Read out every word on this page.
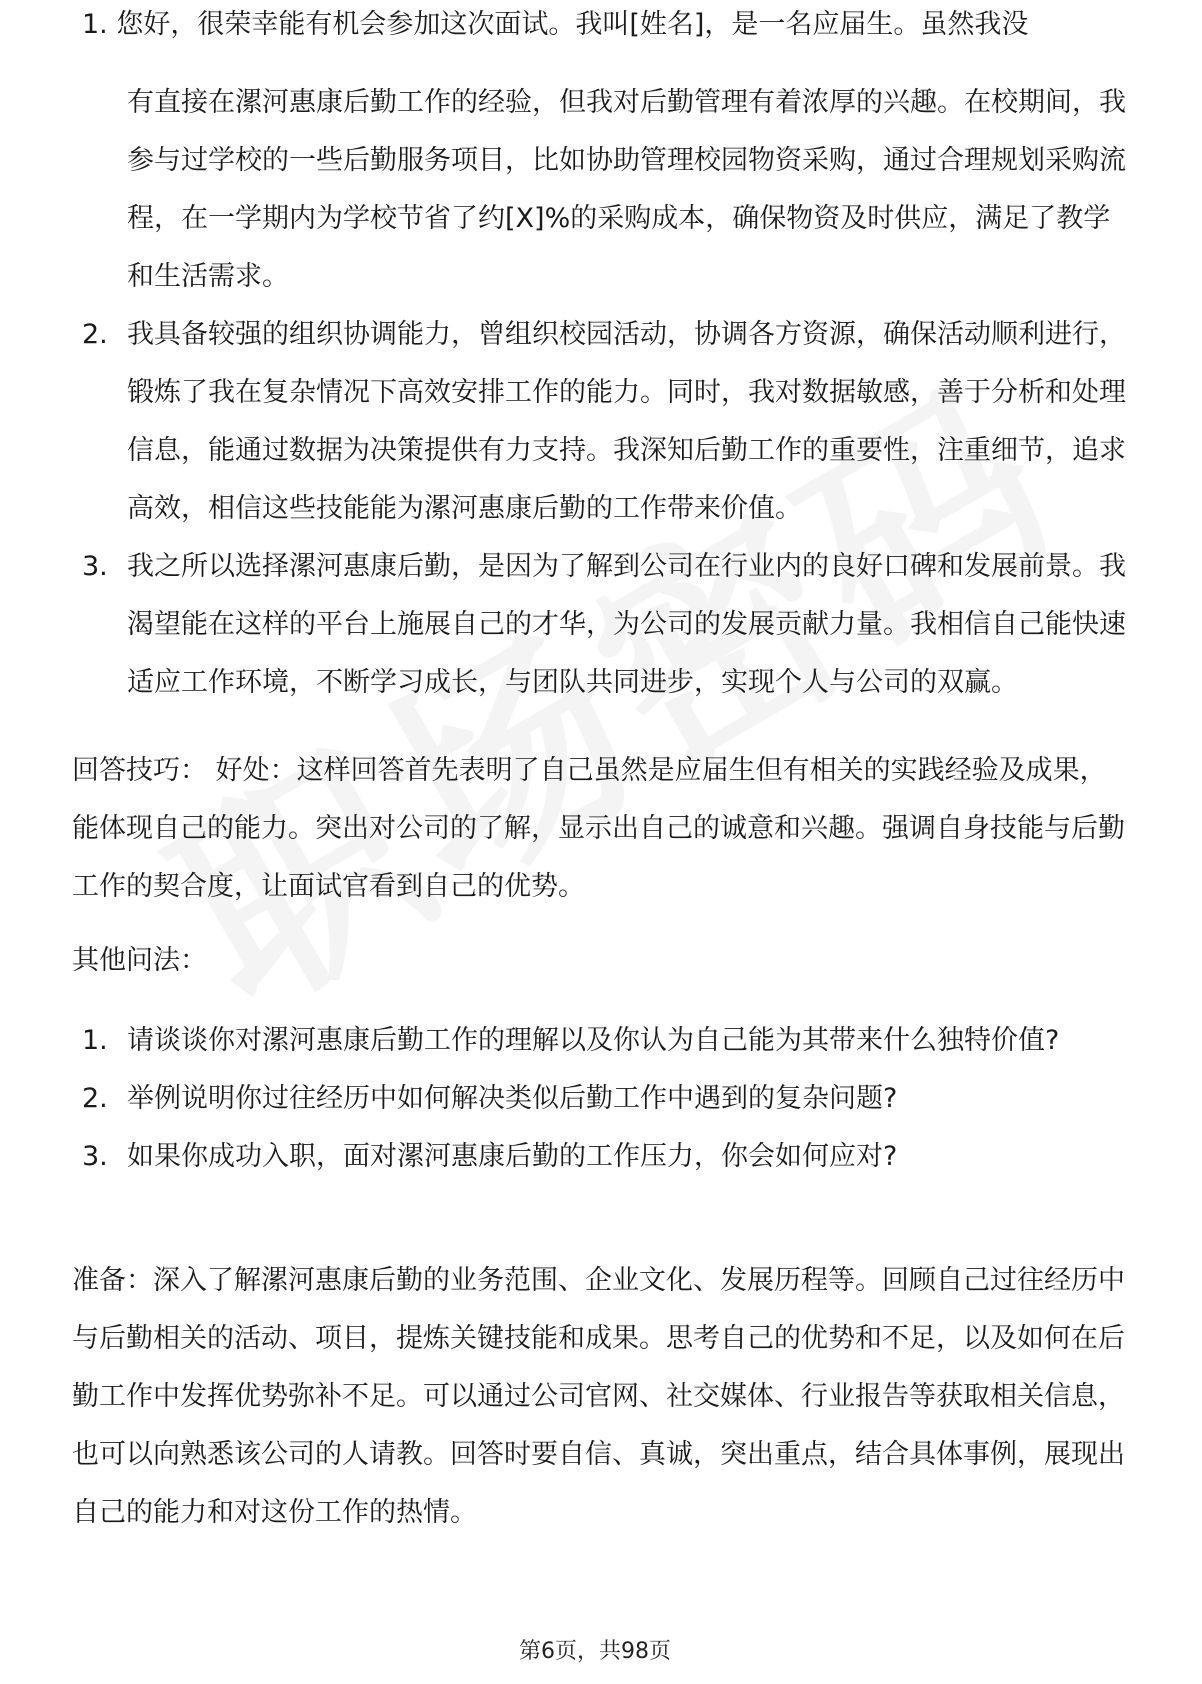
1. 您好，很荣幸能有机会参加这次面试。我叫[姓名]，是一名应届生。虽然我没
有直接在漯河惠康后勤工作的经验，但我对后勤管理有着浓厚的兴趣。在校期间，我参与过学校的一些后勤服务项目，比如协助管理校园物资采购，通过合理规划采购流程，在一学期内为学校节省了约[X]%的采购成本，确保物资及时供应，满足了教学和生活需求。
2. 我具备较强的组织协调能力，曾组织校园活动，协调各方资源，确保活动顺利进行，锻炼了我在复杂情况下高效安排工作的能力。同时，我对数据敏感，善于分析和处理信息，能通过数据为决策提供有力支持。我深知后勤工作的重要性，注重细节，追求高效，相信这些技能能为漯河惠康后勤的工作带来价值。
3. 我之所以选择漯河惠康后勤，是因为了解到公司在行业内的良好口碑和发展前景。我渴望能在这样的平台上施展自己的才华，为公司的发展贡献力量。我相信自己能快速适应工作环境，不断学习成长，与团队共同进步，实现个人与公司的双赢。

回答技巧： 好处：这样回答首先表明了自己虽然是应届生但有相关的实践经验及成果，能体现自己的能力。突出对公司的了解，显示出自己的诚意和兴趣。强调自身技能与后勤工作的契合度，让面试官看到自己的优势。

其他问法：

1. 请谈谈你对漯河惠康后勤工作的理解以及你认为自己能为其带来什么独特价值?
2. 举例说明你过往经历中如何解决类似后勤工作中遇到的复杂问题?
3. 如果你成功入职，面对漯河惠康后勤的工作压力，你会如何应对?

准备：深入了解漯河惠康后勤的业务范围、企业文化、发展历程等。回顾自己过往经历中与后勤相关的活动、项目，提炼关键技能和成果。思考自己的优势和不足，以及如何在后勤工作中发挥优势弥补不足。可以通过公司官网、社交媒体、行业报告等获取相关信息，也可以向熟悉该公司的人请教。回答时要自信、真诚，突出重点，结合具体事例，展现出自己的能力和对这份工作的热情。

第6页，共98页
